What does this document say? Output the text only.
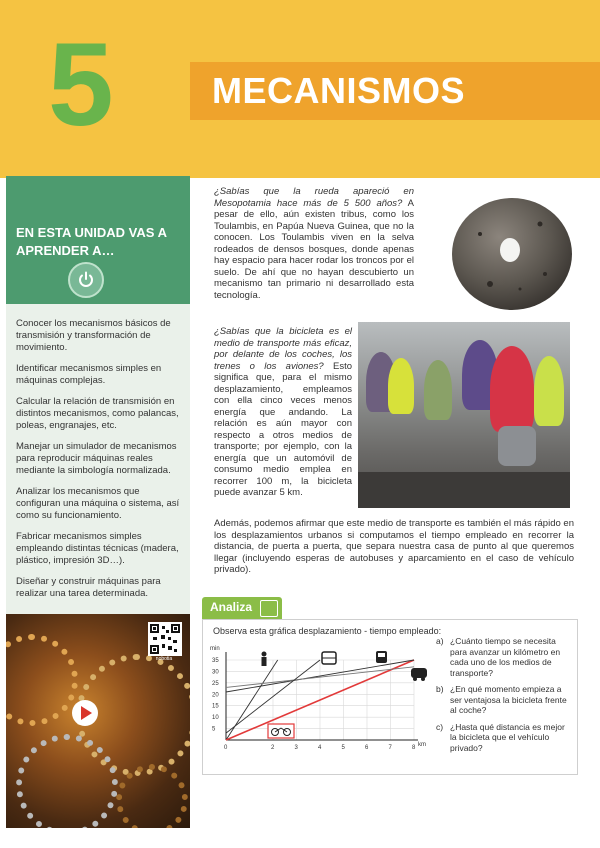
5	MECANISMOS
EN ESTA UNIDAD VAS A APRENDER A…
Conocer los mecanismos básicos de transmisión y transformación de movimiento.
Identificar mecanismos simples en máquinas complejas.
Calcular la relación de transmisión en distintos mecanismos, como palancas, poleas, engranajes, etc.
Manejar un simulador de mecanismos para reproducir máquinas reales mediante la simbología normalizada.
Analizar los mecanismos que configuran una máquina o sistema, así como su funcionamiento.
Fabricar mecanismos simples empleando distintas técnicas (madera, plástico, impresión 3D…).
Diseñar y construir máquinas para realizar una tarea determinada.
nobotia
¿Sabías que la rueda apareció en Mesopotamia hace más de 5 500 años? A pesar de ello, aún existen tribus, como los Toulambis, en Papúa Nueva Guinea, que no la conocen. Los Toulambis viven en la selva rodeados de densos bosques, donde apenas hay espacio para hacer rodar los troncos por el suelo. De ahí que no hayan descubierto un mecanismo tan primario ni desarrollado esta tecnología.
¿Sabías que la bicicleta es el medio de transporte más eficaz, por delante de los coches, los trenes o los aviones? Esto significa que, para el mismo desplazamiento, empleamos con ella cinco veces menos energía que andando. La relación es aún mayor con respecto a otros medios de transporte; por ejemplo, con la energía que un automóvil de consumo medio emplea en recorrer 100 m, la bicicleta puede avanzar 5 km.
Además, podemos afirmar que este medio de transporte es también el más rápido en los desplazamientos urbanos si computamos el tiempo empleado en recorrer la distancia, de puerta a puerta, que separa nuestra casa de punto al que queremos llegar (incluyendo esperas de autobuses y aparcamiento en el caso de vehículo privado).
Analiza
Observa esta gráfica desplazamiento - tiempo empleado:
min
km
5
10
15
20
25
30
35
0	2	3	4	5	6	7	8
a) ¿Cuánto tiempo se necesita para avanzar un kilómetro en cada uno de los medios de transporte?
b) ¿En qué momento empieza a ser ventajosa la bicicleta frente al coche?
c) ¿Hasta qué distancia es mejor la bicicleta que el vehículo privado?
